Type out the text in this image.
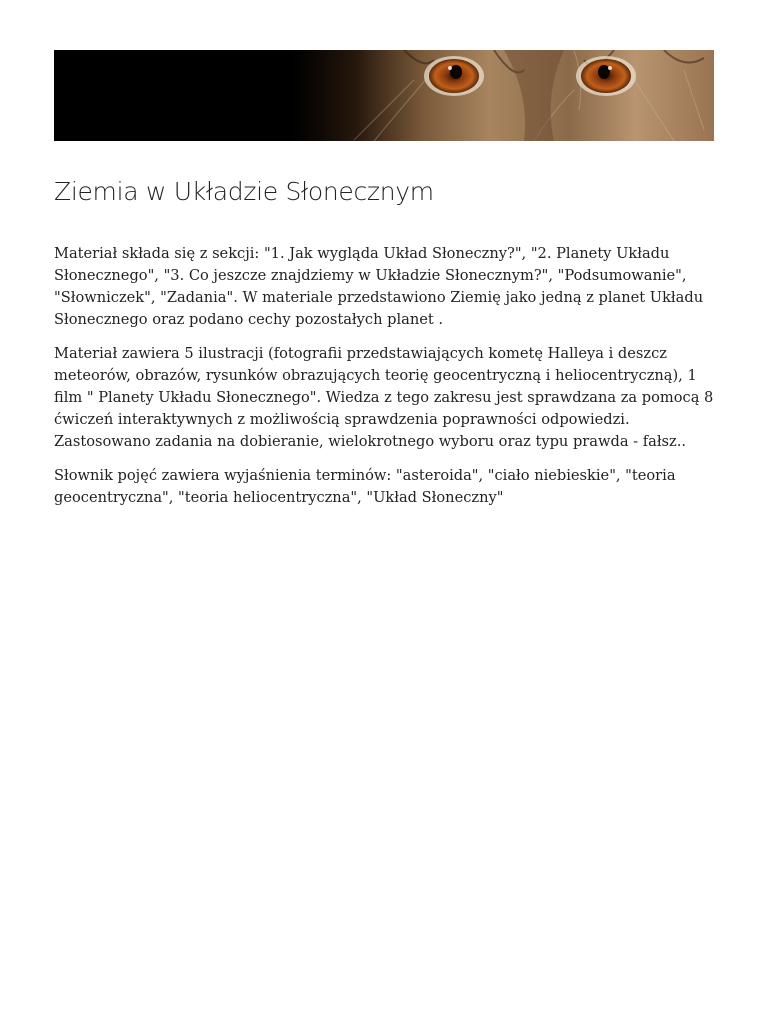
Ziemia w Układzie Słonecznym

Materiał składa się z sekcji: "1. Jak wygląda Układ Słoneczny?", "2. Planety Układu Słonecznego", "3. Co jeszcze znajdziemy w Układzie Słonecznym?", "Podsumowanie", "Słowniczek", "Zadania". W materiale przedstawiono Ziemię jako jedną z planet Układu Słonecznego oraz podano cechy pozostałych planet .

Materiał zawiera 5 ilustracji (fotografii przedstawiających kometę Halleya i deszcz meteorów, obrazów, rysunków obrazujących teorię geocentryczną i heliocentryczną), 1 film " Planety Układu Słonecznego". Wiedza z tego zakresu jest sprawdzana za pomocą 8 ćwiczeń interaktywnych z możliwością sprawdzenia poprawności odpowiedzi. Zastosowano zadania na dobieranie, wielokrotnego wyboru oraz typu prawda - fałsz..

Słownik pojęć zawiera wyjaśnienia terminów: "asteroida", "ciało niebieskie", "teoria geocentryczna", "teoria heliocentryczna", "Układ Słoneczny"
